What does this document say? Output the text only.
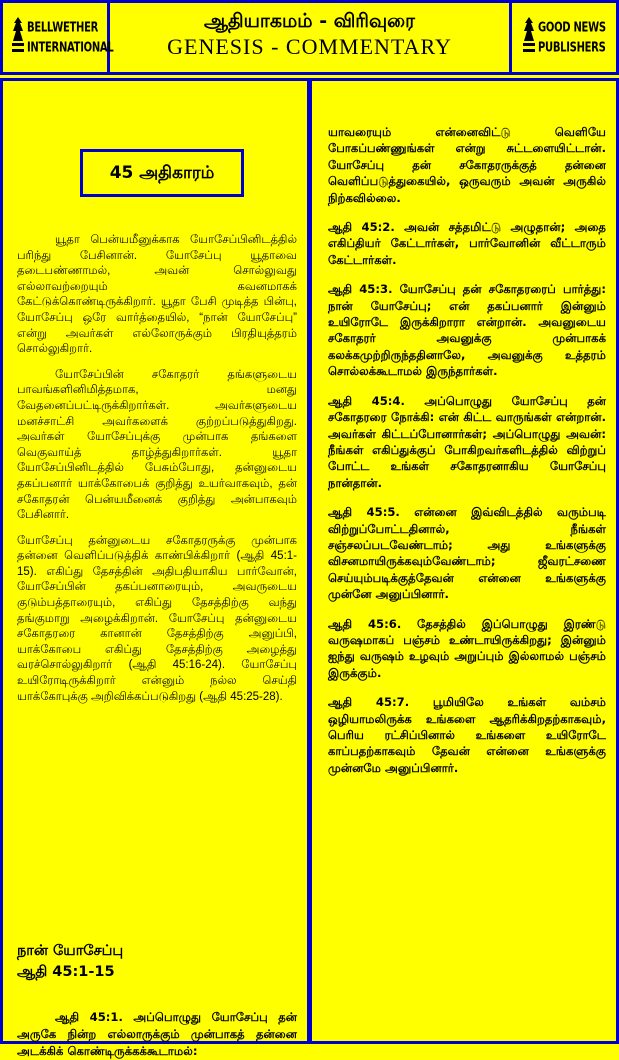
BELLWETHER
INTERNATIONAL
ஆதியாகமம் - விரிவுரை
GENESIS - COMMENTARY
GOOD NEWS
PUBLISHERS
45 அதிகாரம்

யூதா பென்யமீனுக்காக யோசேப்பினிடத்தில் பரிந்து பேசினான். யோசேப்பு யூதாவை தடைபண்ணாமல், அவன் சொல்லுவது எல்லாவற்றையும் கவனமாகக் கேட்டுக்கொண்டிருக்கிறார். யூதா பேசி முடித்த பின்பு, யோசேப்பு ஒரே வார்த்தையில், “நான் யோசேப்பு” என்று அவர்கள் எல்லோருக்கும் பிரதியுத்தரம் சொல்லுகிறார்.

யோசேப்பின் சகோதரர் தங்களுடைய பாவங்களினிமித்தமாக, மனது வேதனைப்பட்டிருக்கிறார்கள். அவர்களுடைய மனச்சாட்சி அவர்களைக் குற்றப்படுத்துகிறது. அவர்கள் யோசேப்புக்கு முன்பாக தங்களை வெகுவாய்த் தாழ்த்துகிறார்கள். யூதா யோசேப்பினிடத்தில் பேசும்போது, தன்னுடைய தகப்பனார் யாக்கோபைக் குறித்து உயர்வாகவும், தன் சகோதரன் பென்யமீனைக் குறித்து அன்பாகவும் பேசினார்.

யோசேப்பு தன்னுடைய சகோதரருக்கு முன்பாக தன்னை வெளிப்படுத்திக் காண்பிக்கிறார் (ஆதி 45:1-15). எகிப்து தேசத்தின் அதிபதியாகிய பார்வோன், யோசேப்பின் தகப்பனாரையும், அவருடைய குடும்பத்தாரையும், எகிப்து தேசத்திற்கு வந்து தங்குமாறு அழைக்கிறான். யோசேப்பு தன்னுடைய சகோதரரை கானான் தேசத்திற்கு அனுப்பி, யாக்கோபை எகிப்து தேசத்திற்கு அழைத்து வரச்சொல்லுகிறார் (ஆதி 45:16-24). யோசேப்பு உயிரோடிருக்கிறார் என்னும் நல்ல செய்தி யாக்கோபுக்கு அறிவிக்கப்படுகிறது (ஆதி 45:25-28).

நான் யோசேப்பு
ஆதி 45:1-15
ஆதி 45:1. அப்பொழுது யோசேப்பு தன் அருகே நின்ற எல்லாருக்கும் முன்பாகத் தன்னை அடக்கிக் கொண்டிருக்கக்கூடாமல்:

யாவரையும் என்னைவிட்டு வெளியே போகப்பண்ணுங்கள் என்று சுட்டளையிட்டான். யோசேப்பு தன் சகோதரருக்குத் தன்னை வெளிப்படுத்துகையில், ஒருவரும் அவன் அருகில் நிற்கவில்லை.

ஆதி 45:2. அவன் சத்தமிட்டு அழுதான்; அதை எகிப்தியர் கேட்டார்கள், பார்வோனின் வீட்டாரும் கேட்டார்கள்.

ஆதி 45:3. யோசேப்பு தன் சகோதரரைப் பார்த்து: நான் யோசேப்பு; என் தகப்பனார் இன்னும் உயிரோடே இருக்கிறாரா என்றான். அவனுடைய சகோதரர் அவனுக்கு முன்பாகக் கலக்கமுற்றிருந்ததினாலே, அவனுக்கு உத்தரம் சொல்லக்கூடாமல் இருந்தார்கள்.

ஆதி 45:4. அப்பொழுது யோசேப்பு தன் சகோதரரை நோக்கி: என் கிட்ட வாருங்கள் என்றான். அவர்கள் கிட்டப்போனார்கள்; அப்பொழுது அவன்: நீங்கள் எகிப்துக்குப் போகிறவர்களிடத்தில் விற்றுப் போட்ட உங்கள் சகோதரனாகிய யோசேப்பு நான்தான்.

ஆதி 45:5. என்னை இவ்விடத்தில் வரும்படி விற்றுப்போட்டதினால், நீங்கள் சஞ்சலப்படவேண்டாம்; அது உங்களுக்கு விசனமாயிருக்கவும்வேண்டாம்; ஜீவரட்சணை செய்யும்படிக்குத்தேவன் என்னை உங்களுக்கு முன்னே அனுப்பினார்.

ஆதி 45:6. தேசத்தில் இப்பொழுது இரண்டு வருஷமாகப் பஞ்சம் உண்டாயிருக்கிறது; இன்னும் ஐந்து வருஷம் உழவும் அறுப்பும் இல்லாமல் பஞ்சம் இருக்கும்.

ஆதி 45:7. பூமியிலே உங்கள் வம்சம் ஒழியாமலிருக்க உங்களை ஆதரிக்கிறதற்காகவும், பெரிய ரட்சிப்பினால் உங்களை உயிரோடே காப்பதற்காகவும் தேவன் என்னை உங்களுக்கு முன்னமே அனுப்பினார்.
